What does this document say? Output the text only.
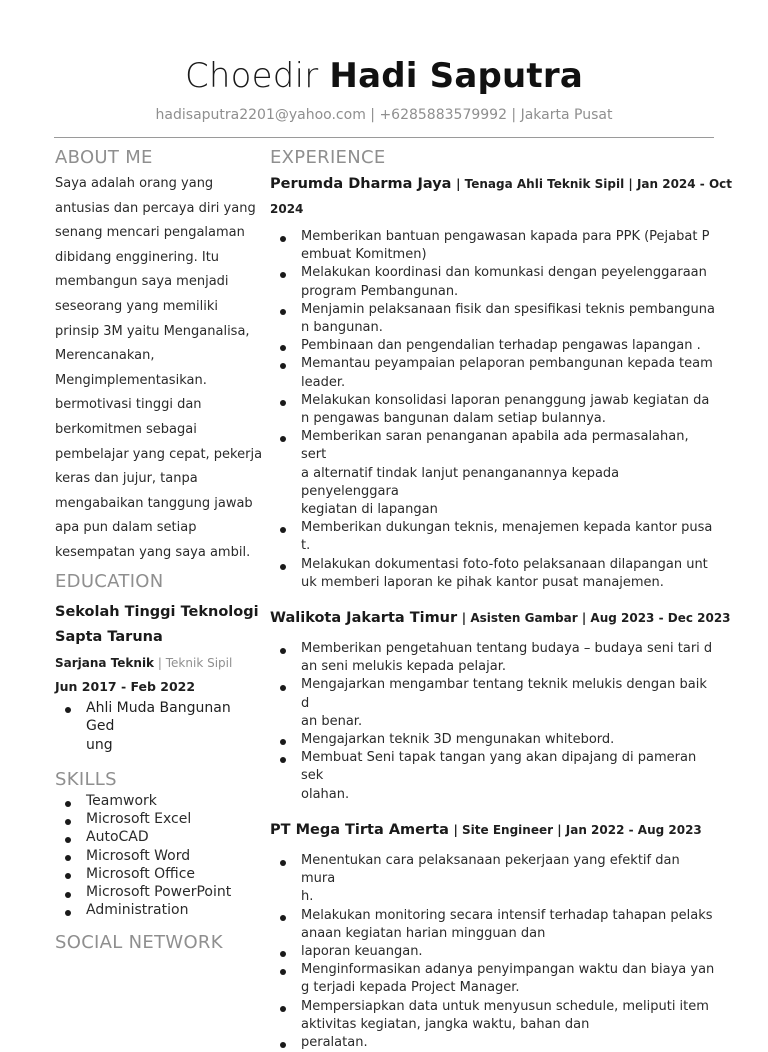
Choedir Hadi Saputra
hadisaputra2201@yahoo.com | +6285883579992 | Jakarta Pusat
ABOUT ME
Saya adalah orang yang
antusias dan percaya diri yang
senang mencari pengalaman
dibidang engginering. Itu
membangun saya menjadi
seseorang yang memiliki
prinsip 3M yaitu Menganalisa,
Merencanakan,
Mengimplementasikan.
bermotivasi tinggi dan
berkomitmen sebagai
pembelajar yang cepat, pekerja
keras dan jujur, tanpa
mengabaikan tanggung jawab
apa pun dalam setiap
kesempatan yang saya ambil.
EDUCATION
Sekolah Tinggi Teknologi
Sapta Taruna
Sarjana Teknik | Teknik Sipil
Jun 2017 - Feb 2022
Ahli Muda Bangunan Ged
ung
SKILLS
Teamwork
Microsoft Excel
AutoCAD
Microsoft Word
Microsoft Office
Microsoft PowerPoint
Administration
SOCIAL NETWORK
EXPERIENCE
Perumda Dharma Jaya | Tenaga Ahli Teknik Sipil | Jan 2024 - Oct
2024
Memberikan bantuan pengawasan kapada para PPK (Pejabat P
embuat Komitmen)
Melakukan koordinasi dan komunkasi dengan peyelenggaraan
program Pembangunan.
Menjamin pelaksanaan fisik dan spesifikasi teknis pembanguna
n bangunan.
Pembinaan dan pengendalian terhadap pengawas lapangan .
Memantau peyampaian pelaporan pembangunan kepada team
leader.
Melakukan konsolidasi laporan penanggung jawab kegiatan da
n pengawas bangunan dalam setiap bulannya.
Memberikan saran penanganan apabila ada permasalahan, sert
a alternatif tindak lanjut penanganannya kepada penyelenggara
kegiatan di lapangan
Memberikan dukungan teknis, menajemen kepada kantor pusa
t.
Melakukan dokumentasi foto-foto pelaksanaan dilapangan unt
uk memberi laporan ke pihak kantor pusat manajemen.
Walikota Jakarta Timur | Asisten Gambar | Aug 2023 - Dec 2023
Memberikan pengetahuan tentang budaya – budaya seni tari d
an seni melukis kepada pelajar.
Mengajarkan mengambar tentang teknik melukis dengan baik d
an benar.
Mengajarkan teknik 3D mengunakan whitebord.
Membuat Seni tapak tangan yang akan dipajang di pameran sek
olahan.
PT Mega Tirta Amerta | Site Engineer | Jan 2022 - Aug 2023
Menentukan cara pelaksanaan pekerjaan yang efektif dan mura
h.
Melakukan monitoring secara intensif terhadap tahapan pelaks
anaan kegiatan harian mingguan dan
laporan keuangan.
Menginformasikan adanya penyimpangan waktu dan biaya yan
g terjadi kepada Project Manager.
Mempersiapkan data untuk menyusun schedule, meliputi item
aktivitas kegiatan, jangka waktu, bahan dan
peralatan.
